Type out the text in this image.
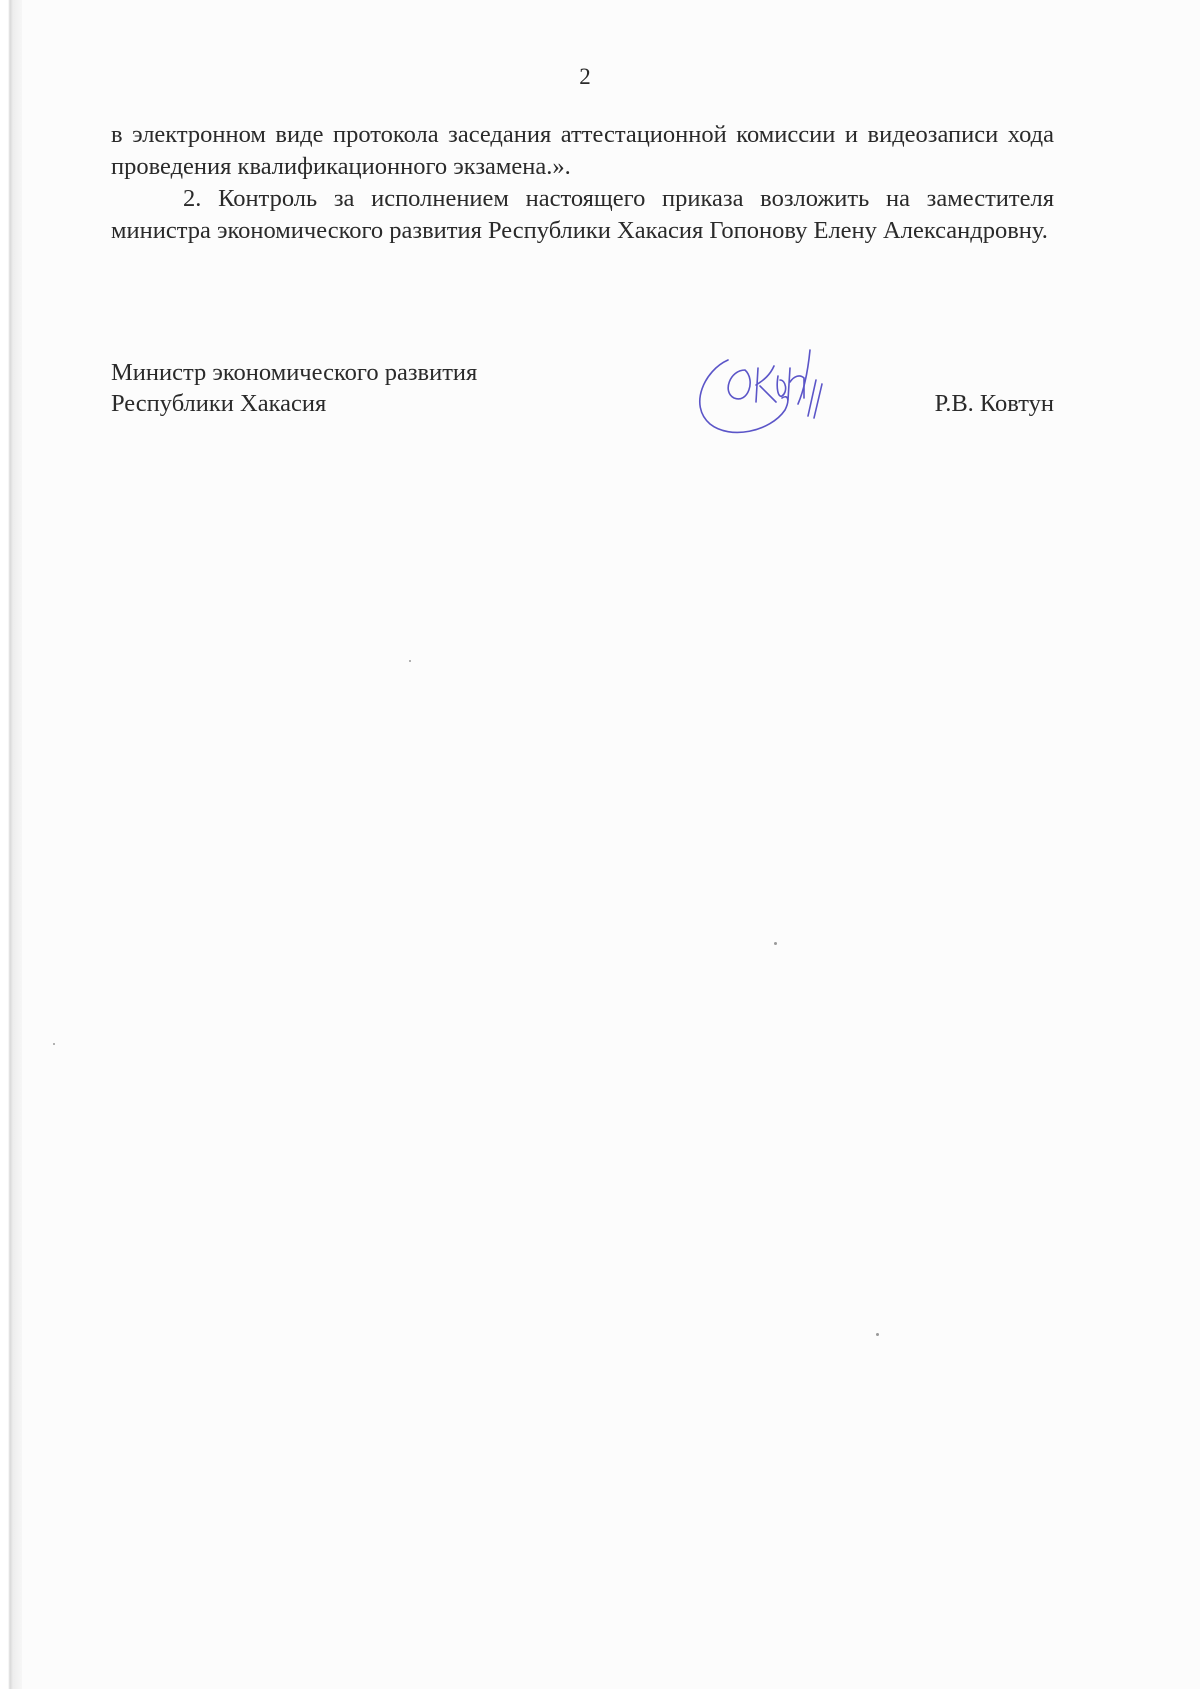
2

в электронном виде протокола заседания аттестационной комиссии и видеозаписи хода проведения квалификационного экзамена.».

2. Контроль за исполнением настоящего приказа возложить на заместителя министра экономического развития Республики Хакасия Гопонову Елену Александровну.

Министр экономического развития
Республики Хакасия	Р.В. Ковтун
